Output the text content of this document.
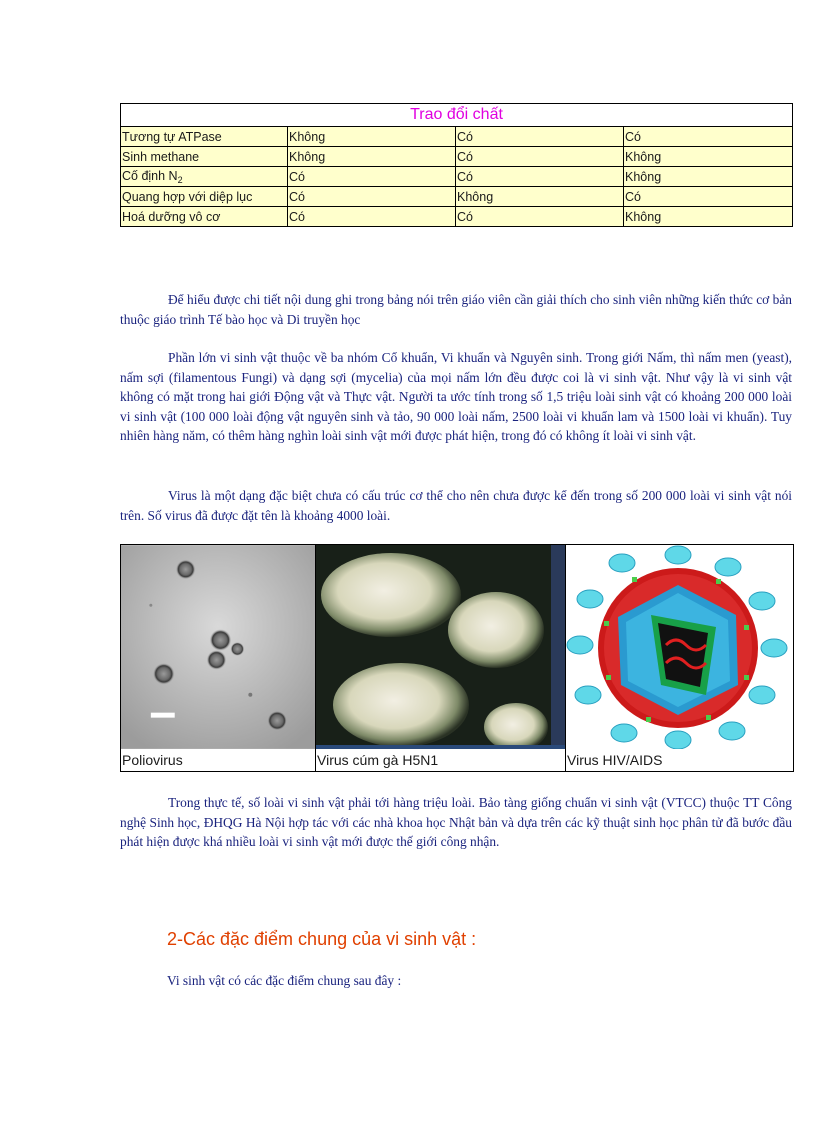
Trao đổi chất			
Tương tự ATPase	Không	Có	Có
Sinh methane	Không	Có	Không
Cố định $N_2$	Có	Có	Không
Quang hợp với diệp lục	Có	Không	Có
Hoá dưỡng vô cơ	Có	Có	Không

Để hiểu được chi tiết nội dung ghi trong bảng nói trên giáo viên cần giải thích cho sinh viên những kiến thức cơ bản thuộc giáo trình Tế bào học và Di truyền học

Phần lớn vi sinh vật thuộc về ba nhóm Cổ khuẩn, Vi khuẩn và Nguyên sinh. Trong giới Nấm, thì nấm men (yeast), nấm sợi (filamentous Fungi) và dạng sợi (mycelia) của mọi nấm lớn đều được coi là vi sinh vật. Như vậy là vi sinh vật không có mặt trong hai giới Động vật và Thực vật. Người ta ước tính trong số 1,5 triệu loài sinh vật có khoảng 200 000 loài vi sinh vật (100 000 loài động vật nguyên sinh và tảo, 90 000 loài nấm, 2500 loài vi khuẩn lam và 1500 loài vi khuẩn). Tuy nhiên hàng năm, có thêm hàng nghìn loài sinh vật mới được phát hiện, trong đó có không ít loài vi sinh vật.

Virus là một dạng đặc biệt chưa có cấu trúc cơ thể cho nên chưa được kể đến trong số 200 000 loài vi sinh vật nói trên. Số virus đã được đặt tên là khoảng 4000 loài.

Poliovirus	Virus cúm gà H5N1	Virus HIV/AIDS

Trong thực tế, số loài vi sinh vật phải tới hàng triệu loài. Bảo tàng giống chuẩn vi sinh vật (VTCC) thuộc TT Công nghệ Sinh học, ĐHQG Hà Nội hợp tác với các nhà khoa học Nhật bản và dựa trên các kỹ thuật sinh học phân tử đã bước đầu phát hiện được khá nhiều loài vi sinh vật mới được thế giới công nhận.

2-Các đặc điểm chung của vi sinh vật :
Vi sinh vật có các đặc điểm chung sau đây :
